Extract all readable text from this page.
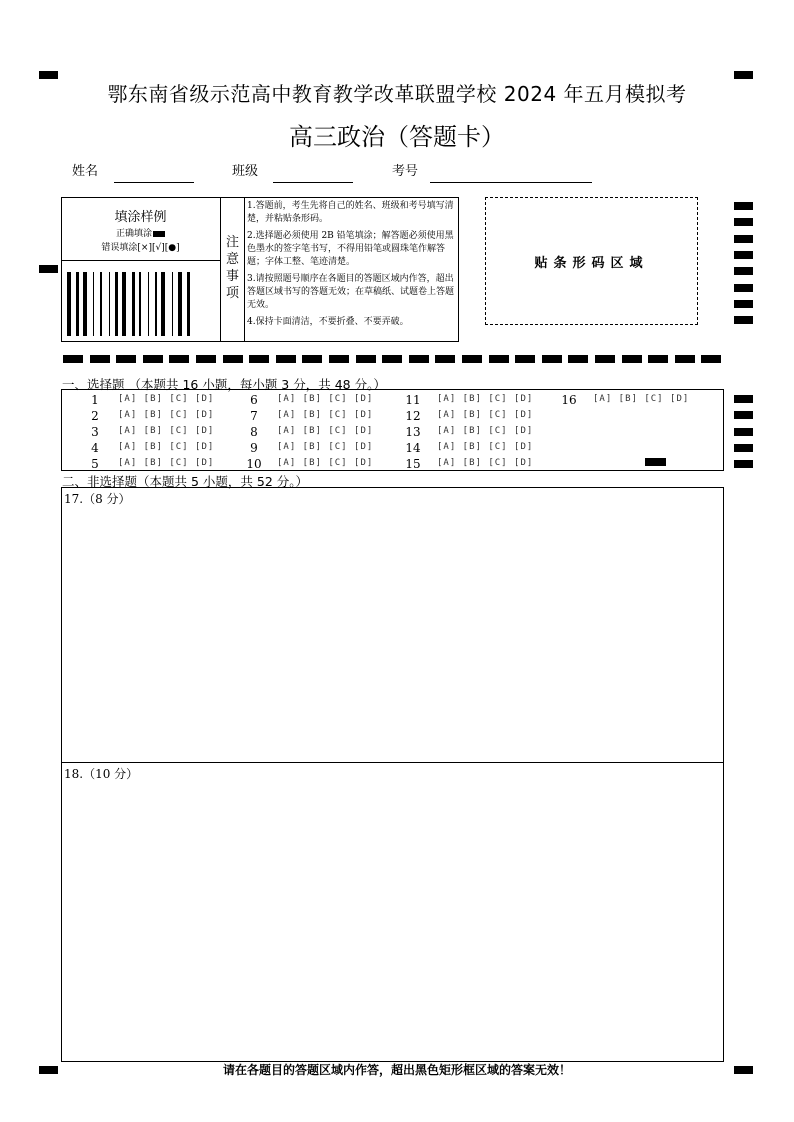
鄂东南省级示范高中教育教学改革联盟学校 2024 年五月模拟考
高三政治（答题卡）
姓名	班级	考号
填涂样例
正确填涂
错误填涂[×][√][●]	注
意
事
项

1.答题前，考生先将自己的姓名、班级和考号填写清楚，并粘贴条形码。

2.选择题必须使用 2B 铅笔填涂；解答题必须使用黑色墨水的签字笔书写，不得用铅笔或圆珠笔作解答题；字体工整、笔迹清楚。

3.请按照题号顺序在各题目的答题区域内作答，超出答题区域书写的答题无效；在草稿纸、试题卷上答题无效。

4.保持卡面清洁，不要折叠、不要弄破。

贴条形码区域
一、选择题 （本题共 16 小题，每小题 3 分，共 48 分。）
1	[A] [B] [C] [D]
2	[A] [B] [C] [D]
3	[A] [B] [C] [D]
4	[A] [B] [C] [D]
5	[A] [B] [C] [D]
6	[A] [B] [C] [D]
7	[A] [B] [C] [D]
8	[A] [B] [C] [D]
9	[A] [B] [C] [D]
10	[A] [B] [C] [D]
11	[A] [B] [C] [D]
12	[A] [B] [C] [D]
13	[A] [B] [C] [D]
14	[A] [B] [C] [D]
15	[A] [B] [C] [D]
16	[A] [B] [C] [D]
二、非选择题（本题共 5 小题，共 52 分。）
17.（8 分）
18.（10 分）
请在各题目的答题区域内作答，超出黑色矩形框区域的答案无效！
